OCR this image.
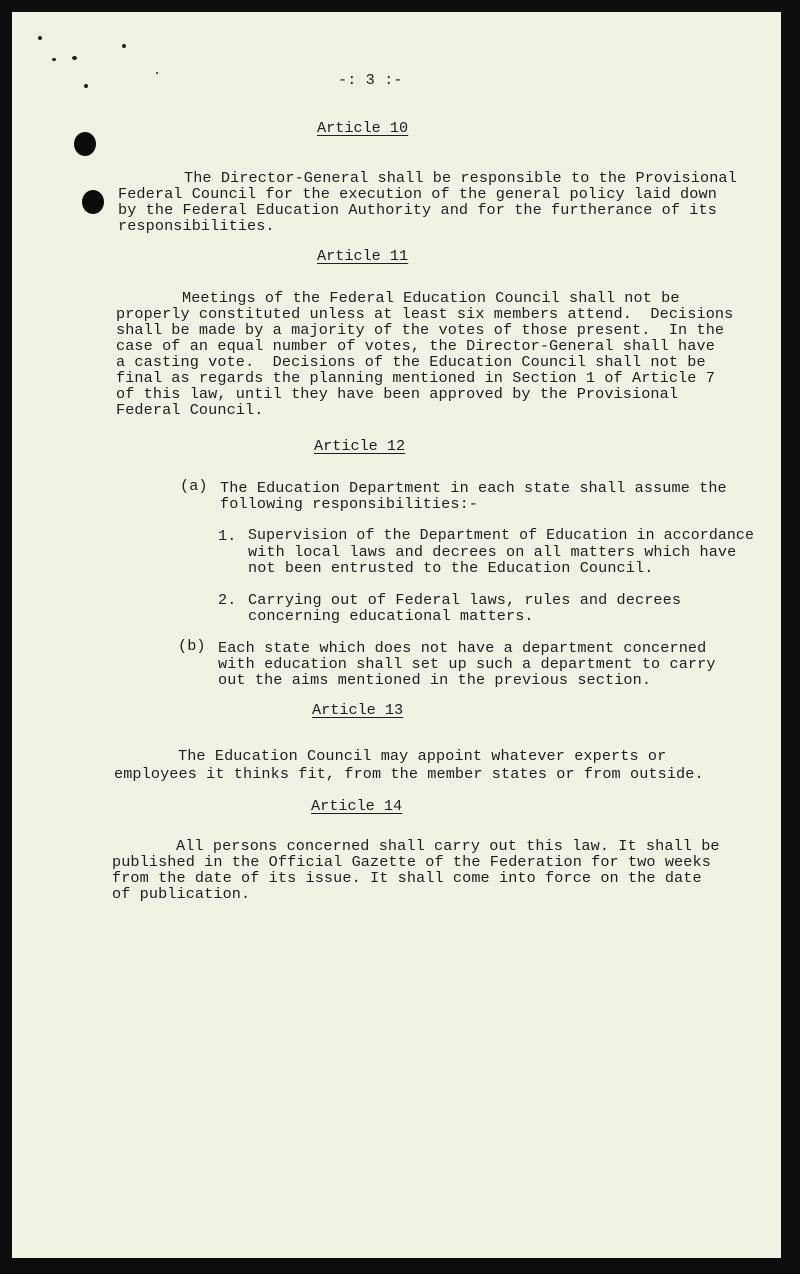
-: 3 :-
Article 10
The Director-General shall be responsible to the Provisional
Federal Council for the execution of the general policy laid down
by the Federal Education Authority and for the furtherance of its
responsibilities.
Article 11
Meetings of the Federal Education Council shall not be
properly constituted unless at least six members attend.  Decisions
shall be made by a majority of the votes of those present.  In the
case of an equal number of votes, the Director-General shall have
a casting vote.  Decisions of the Education Council shall not be
final as regards the planning mentioned in Section 1 of Article 7
of this law, until they have been approved by the Provisional
Federal Council.
Article 12
(a) The Education Department in each state shall assume the
following responsibilities:-
1. Supervision of the Department of Education in accordance
with local laws and decrees on all matters which have
not been entrusted to the Education Council.
2. Carrying out of Federal laws, rules and decrees
concerning educational matters.
(b) Each state which does not have a department concerned
with education shall set up such a department to carry
out the aims mentioned in the previous section.
Article 13
The Education Council may appoint whatever experts or
employees it thinks fit, from the member states or from outside.
Article 14
All persons concerned shall carry out this law. It shall be
published in the Official Gazette of the Federation for two weeks
from the date of its issue. It shall come into force on the date
of publication.
